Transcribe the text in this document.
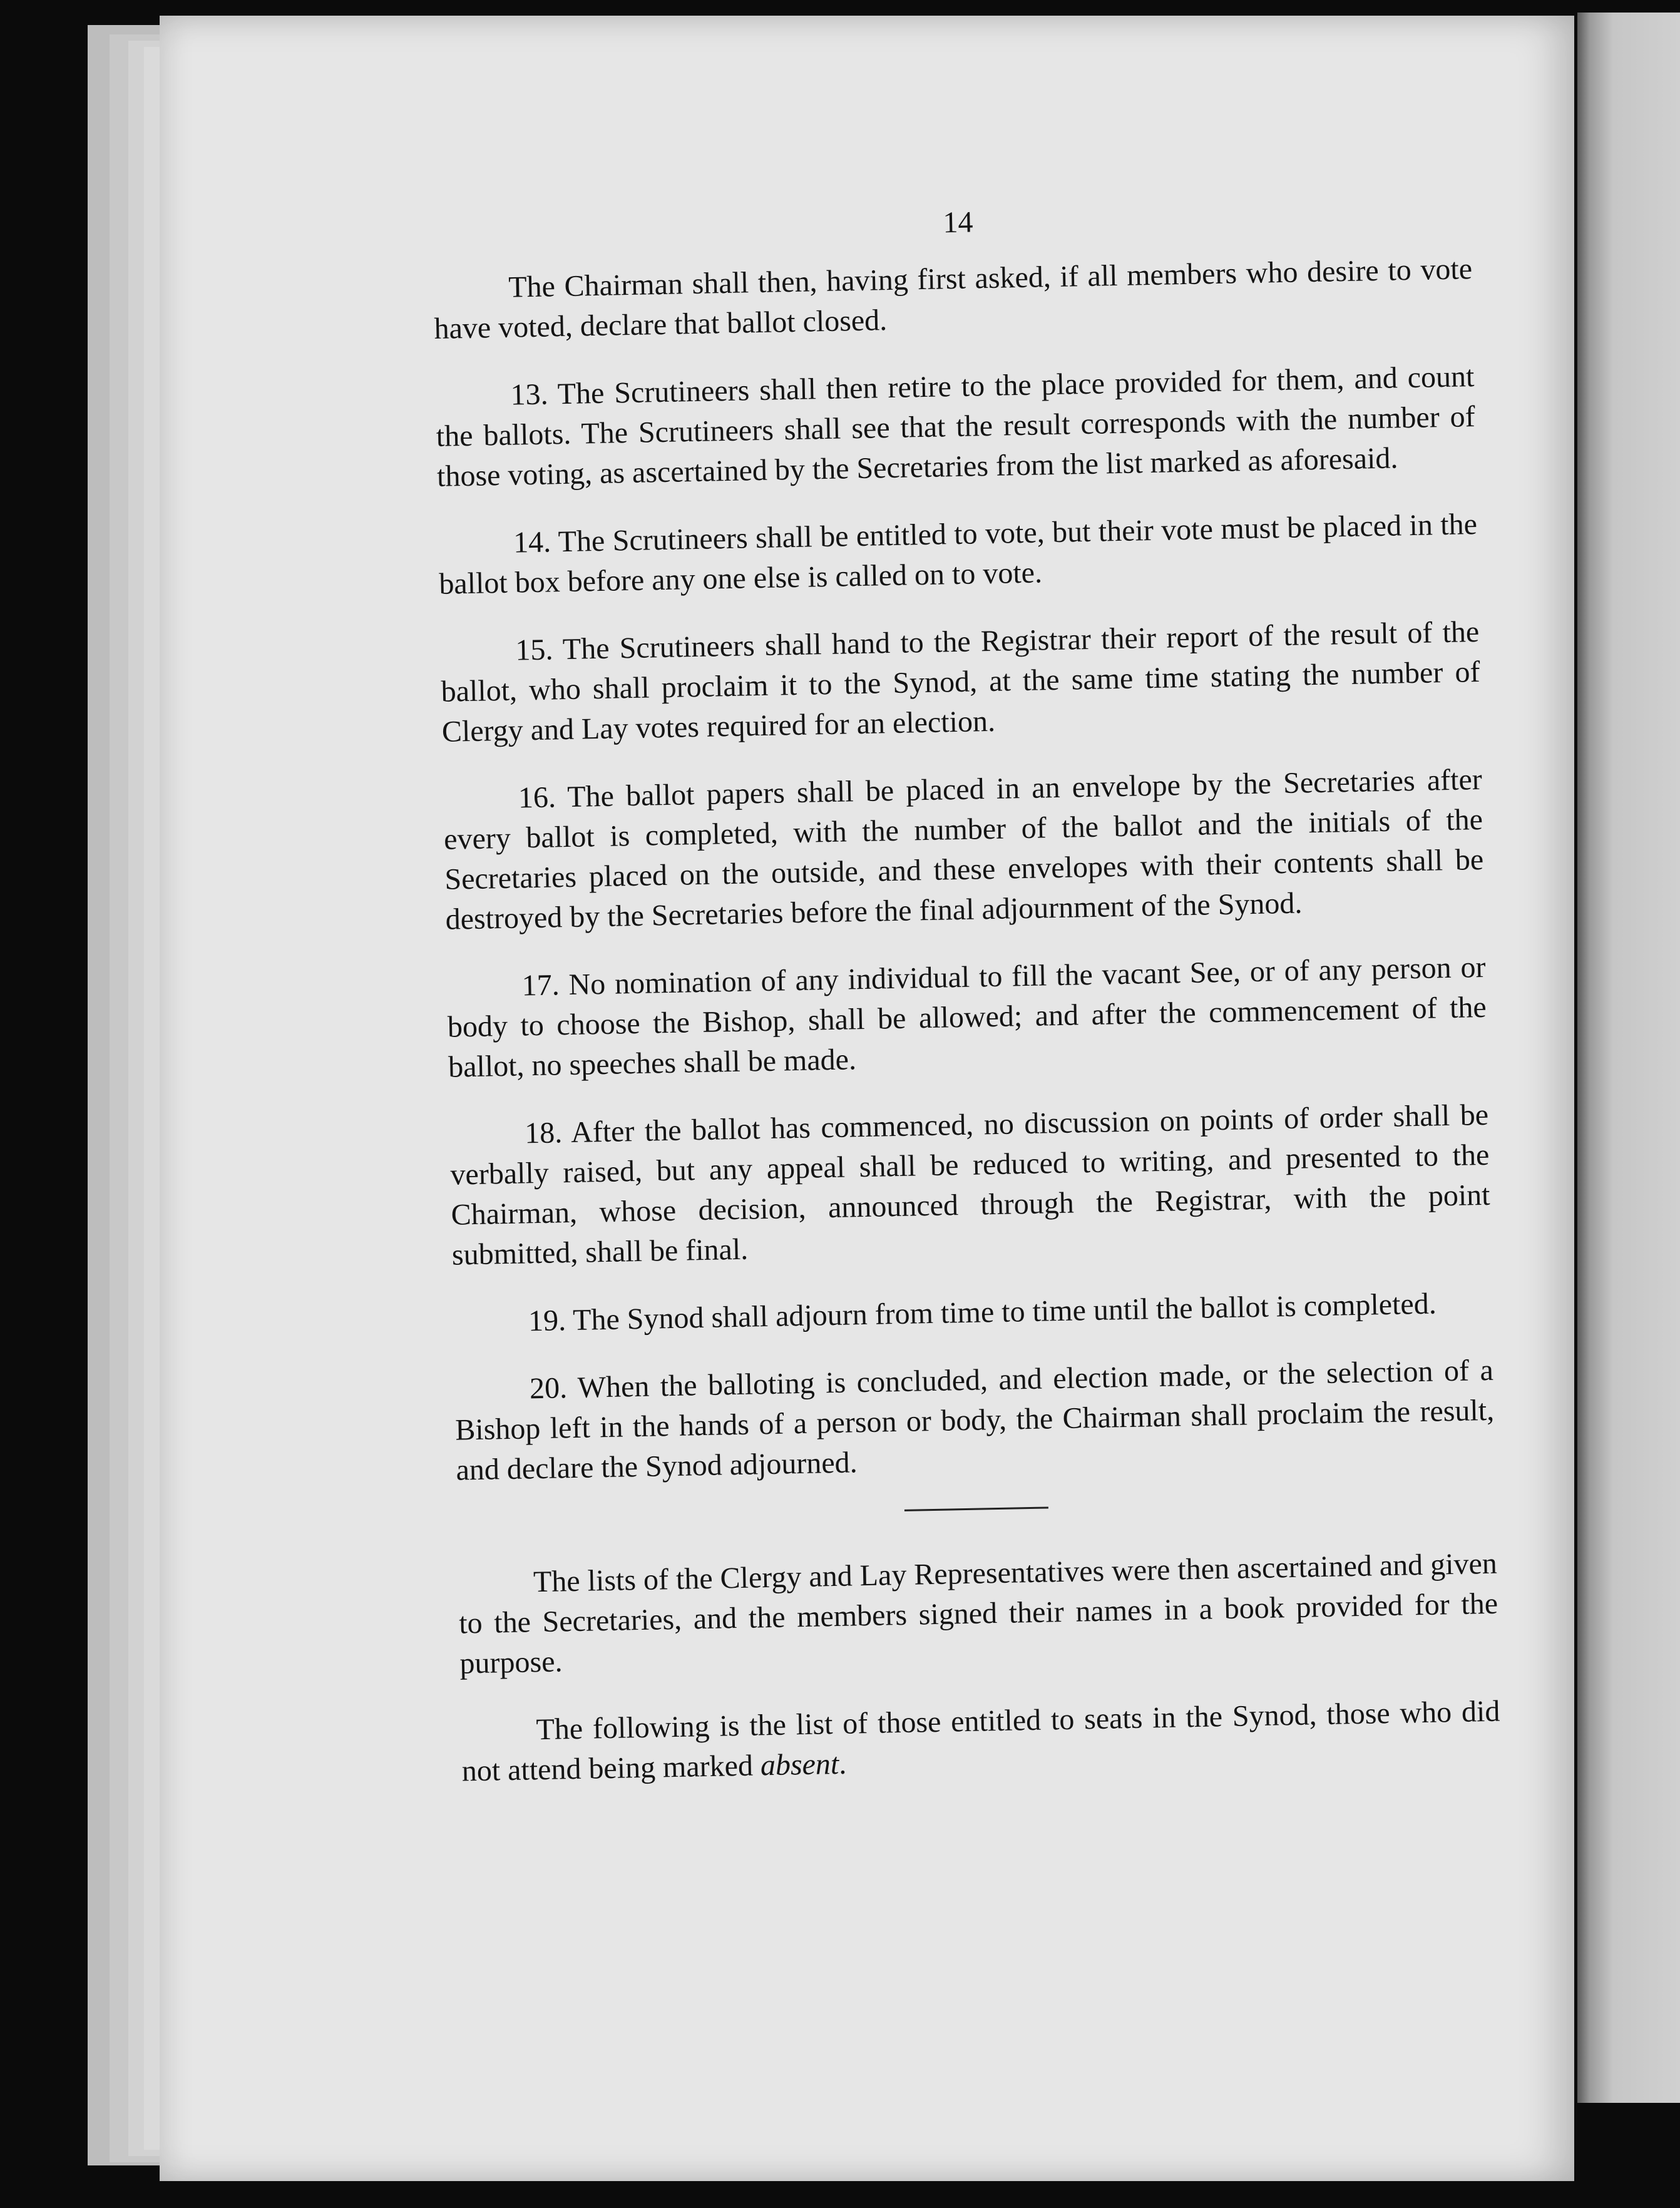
14

The Chairman shall then, having first asked, if all members who desire to vote have voted, declare that ballot closed.

13. The Scrutineers shall then retire to the place provided for them, and count the ballots. The Scrutineers shall see that the result corresponds with the number of those voting, as ascertained by the Secretaries from the list marked as aforesaid.

14. The Scrutineers shall be entitled to vote, but their vote must be placed in the ballot box before any one else is called on to vote.

15. The Scrutineers shall hand to the Registrar their report of the result of the ballot, who shall proclaim it to the Synod, at the same time stating the number of Clergy and Lay votes required for an election.

16. The ballot papers shall be placed in an envelope by the Secretaries after every ballot is completed, with the number of the ballot and the initials of the Secretaries placed on the outside, and these envelopes with their contents shall be destroyed by the Secretaries before the final adjournment of the Synod.

17. No nomination of any individual to fill the vacant See, or of any person or body to choose the Bishop, shall be allowed; and after the commencement of the ballot, no speeches shall be made.

18. After the ballot has commenced, no discussion on points of order shall be verbally raised, but any appeal shall be reduced to writing, and presented to the Chairman, whose decision, announced through the Registrar, with the point submitted, shall be final.

19. The Synod shall adjourn from time to time until the ballot is completed.

20. When the balloting is concluded, and election made, or the selection of a Bishop left in the hands of a person or body, the Chairman shall proclaim the result, and declare the Synod adjourned.

The lists of the Clergy and Lay Representatives were then ascertained and given to the Secretaries, and the members signed their names in a book provided for the purpose.

The following is the list of those entitled to seats in the Synod, those who did not attend being marked absent.
